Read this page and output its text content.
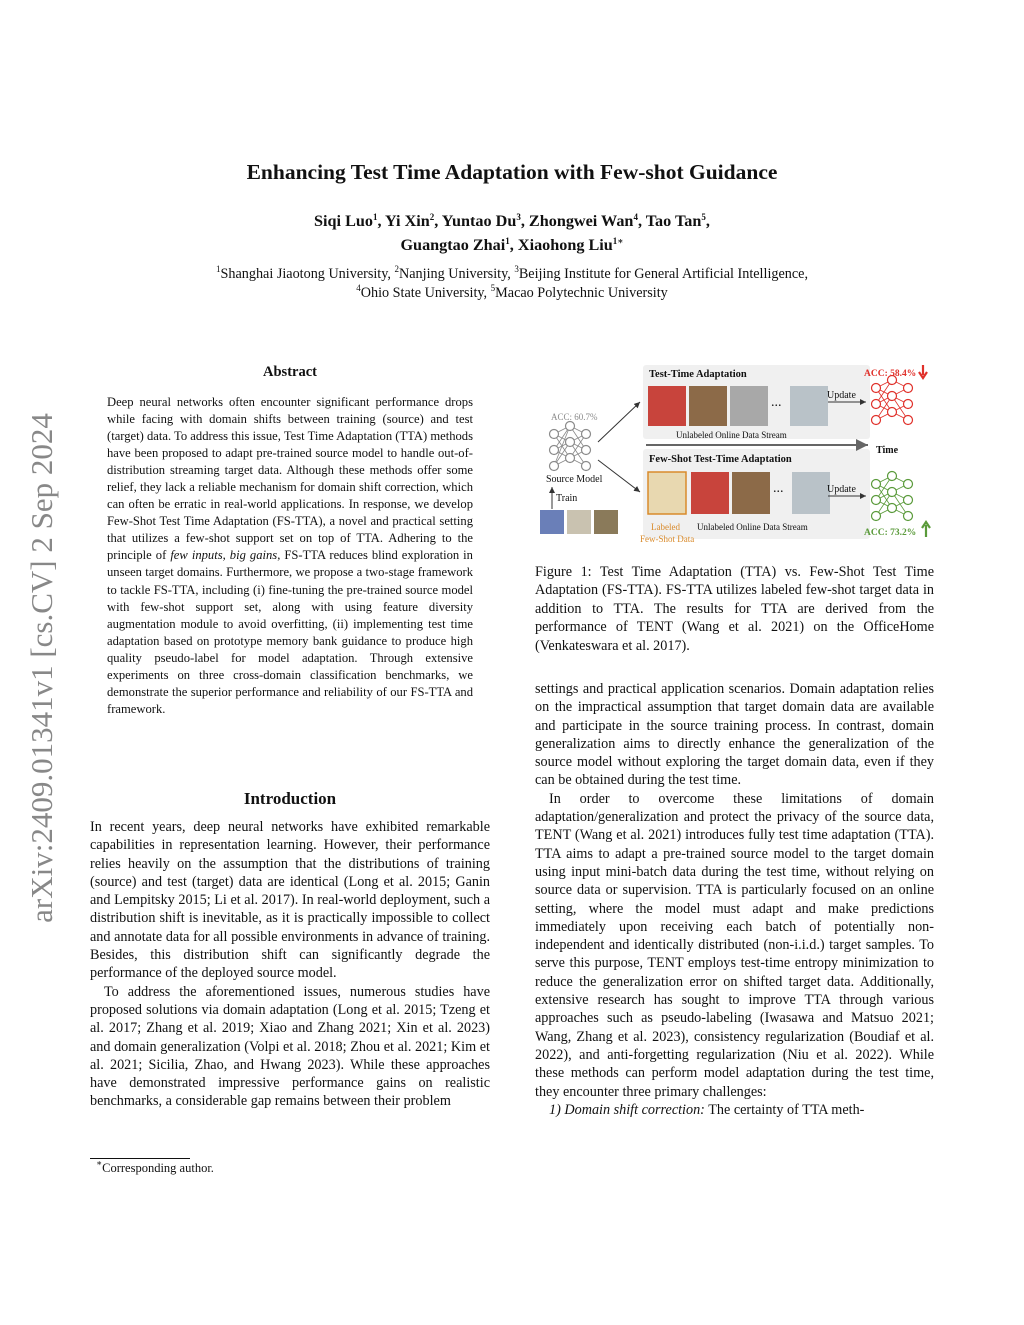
Enhancing Test Time Adaptation with Few-shot Guidance
Siqi Luo$^1$, Yi Xin$^2$, Yuntao Du$^3$, Zhongwei Wan$^4$, Tao Tan$^5$,
Guangtao Zhai$^1$, Xiaohong Liu$^{1∗}$
$^1$Shanghai Jiaotong University, $^2$Nanjing University, $^3$Beijing Institute for General Artificial Intelligence,
$^4$Ohio State University, $^5$Macao Polytechnic University
arXiv:2409.01341v1 [cs.CV] 2 Sep 2024
Abstract

Deep neural networks often encounter significant performance drops while facing with domain shifts between training (source) and test (target) data. To address this issue, Test Time Adaptation (TTA) methods have been proposed to adapt pre-trained source model to handle out-of-distribution streaming target data. Although these methods offer some relief, they lack a reliable mechanism for domain shift correction, which can often be erratic in real-world applications. In response, we develop Few-Shot Test Time Adaptation (FS-TTA), a novel and practical setting that utilizes a few-shot support set on top of TTA. Adhering to the principle of few inputs, big gains, FS-TTA reduces blind exploration in unseen target domains. Furthermore, we propose a two-stage framework to tackle FS-TTA, including (i) fine-tuning the pre-trained source model with few-shot support set, along with using feature diversity augmentation module to avoid overfitting, (ii) implementing test time adaptation based on prototype memory bank guidance to produce high quality pseudo-label for model adaptation. Through extensive experiments on three cross-domain classification benchmarks, we demonstrate the superior performance and reliability of our FS-TTA and framework.

Introduction

In recent years, deep neural networks have exhibited remarkable capabilities in representation learning. However, their performance relies heavily on the assumption that the distributions of training (source) and test (target) data are identical (Long et al. 2015; Ganin and Lempitsky 2015; Li et al. 2017). In real-world deployment, such a distribution shift is inevitable, as it is practically impossible to collect and annotate data for all possible environments in advance of training. Besides, this distribution shift can significantly degrade the performance of the deployed source model.

To address the aforementioned issues, numerous studies have proposed solutions via domain adaptation (Long et al. 2015; Tzeng et al. 2017; Zhang et al. 2019; Xiao and Zhang 2021; Xin et al. 2023) and domain generalization (Volpi et al. 2018; Zhou et al. 2021; Kim et al. 2021; Sicilia, Zhao, and Hwang 2023). While these approaches have demonstrated impressive performance gains on realistic benchmarks, a considerable gap remains between their problem

∗Corresponding author.
Test-Time Adaptation
...
Unlabeled Online Data Stream
Few-Shot Test-Time Adaptation
...
Labeled
Few-Shot Data
Unlabeled Online Data Stream
Time
ACC: 60.7%
Source Model
Train
Update
Update
ACC: 58.4%
ACC: 73.2%

Figure 1: Test Time Adaptation (TTA) vs. Few-Shot Test Time Adaptation (FS-TTA). FS-TTA utilizes labeled few-shot target data in addition to TTA. The results for TTA are derived from the performance of TENT (Wang et al. 2021) on the OfficeHome (Venkateswara et al. 2017).

settings and practical application scenarios. Domain adaptation relies on the impractical assumption that target domain data are available and participate in the source training process. In contrast, domain generalization aims to directly enhance the generalization of the source model without exploring the target domain data, even if they can be obtained during the test time.

In order to overcome these limitations of domain adaptation/generalization and protect the privacy of the source data, TENT (Wang et al. 2021) introduces fully test time adaptation (TTA). TTA aims to adapt a pre-trained source model to the target domain using input mini-batch data during the test time, without relying on source data or supervision. TTA is particularly focused on an online setting, where the model must adapt and make predictions immediately upon receiving each batch of potentially non-independent and identically distributed (non-i.i.d.) target samples. To serve this purpose, TENT employs test-time entropy minimization to reduce the generalization error on shifted target data. Additionally, extensive research has sought to improve TTA through various approaches such as pseudo-labeling (Iwasawa and Matsuo 2021; Wang, Zhang et al. 2023), consistency regularization (Boudiaf et al. 2022), and anti-forgetting regularization (Niu et al. 2022). While these methods can perform model adaptation during the test time, they encounter three primary challenges:

1) Domain shift correction: The certainty of TTA meth-
